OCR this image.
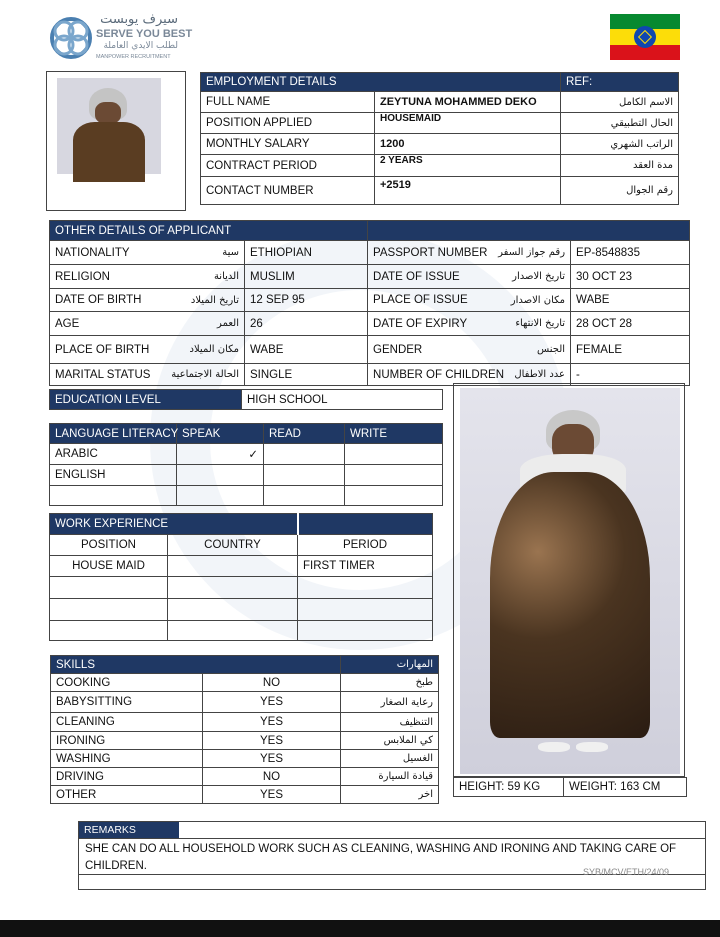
سيرف يوبست
SERVE YOU BEST
لطلب الايدي العاملة
MANPOWER RECRUITMENT
EMPLOYMENT DETAILS		REF:
FULL NAME	ZEYTUNA MOHAMMED DEKO	الاسم الكامل
POSITION APPLIED	HOUSEMAID	الحال التطبيقي
MONTHLY SALARY	1200	الراتب الشهري
CONTRACT PERIOD	2 YEARS	مدة العقد
CONTACT NUMBER	+2519	رقم الجوال
OTHER DETAILS OF APPLICANT					
NATIONALITY	سية	ETHIOPIAN	PASSPORT NUMBER	رقم جواز السفر	EP-8548835
RELIGION	الديانة	MUSLIM	DATE OF ISSUE	تاريخ الاصدار	30 OCT 23
DATE OF BIRTH	تاريخ الميلاد	12 SEP 95	PLACE OF ISSUE	مكان الاصدار	WABE
AGE	العمر	26	DATE OF EXPIRY	تاريخ الانتهاء	28 OCT 28
PLACE OF BIRTH	مكان الميلاد	WABE	GENDER	الجنس	FEMALE
MARITAL STATUS	الحالة الاجتماعية	SINGLE	NUMBER OF CHILDREN	عدد الاطفال	-
EDUCATION LEVEL	HIGH SCHOOL
LANGUAGE LITERACY	SPEAK	READ	WRITE
ARABIC	✓		
ENGLISH			

WORK EXPERIENCE		
POSITION	COUNTRY	PERIOD
HOUSE MAID		FIRST TIMER

SKILLS		المهارات
COOKING	NO	طبخ
BABYSITTING	YES	رعاية الصغار
CLEANING	YES	التنظيف
IRONING	YES	كي الملابس
WASHING	YES	الغسيل
DRIVING	NO	قيادة السيارة
OTHER	YES	اخر
HEIGHT: 59 KG	WEIGHT: 163 CM
REMARKS
SHE CAN DO ALL HOUSEHOLD WORK SUCH AS CLEANING, WASHING AND IRONING AND TAKING CARE OF CHILDREN.	SYB/MCV/ETH/24/09
